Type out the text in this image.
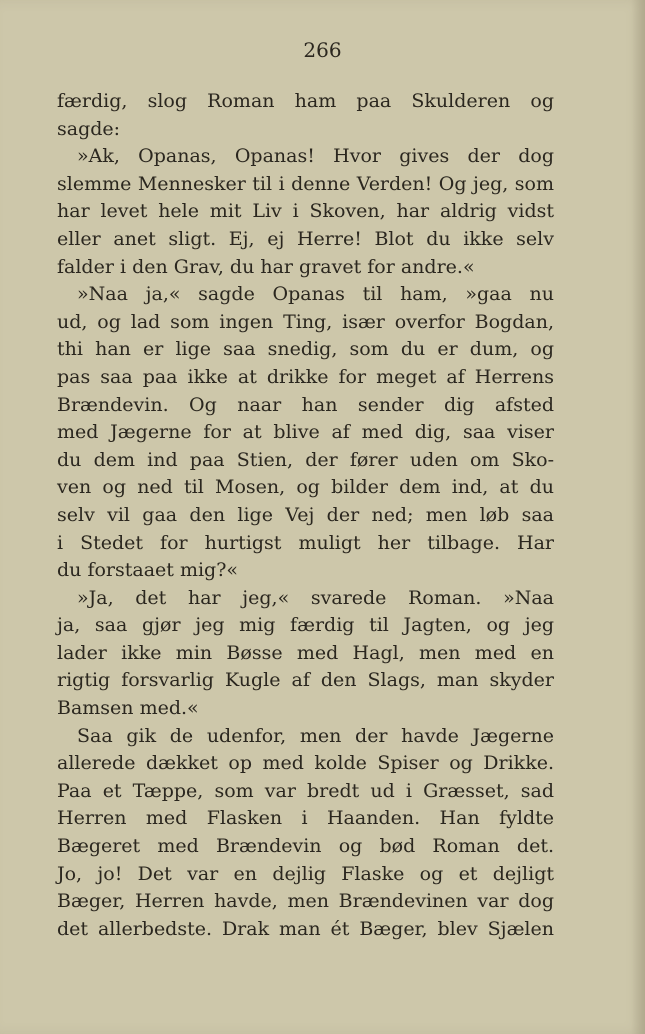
266

færdig, slog Roman ham paa Skulderen og
sagde:
»Ak, Opanas, Opanas! Hvor gives der dog
slemme Mennesker til i denne Verden! Og jeg, som
har levet hele mit Liv i Skoven, har aldrig vidst
eller anet sligt. Ej, ej Herre! Blot du ikke selv
falder i den Grav, du har gravet for andre.«
»Naa ja,« sagde Opanas til ham, »gaa nu
ud, og lad som ingen Ting, især overfor Bogdan,
thi han er lige saa snedig, som du er dum, og
pas saa paa ikke at drikke for meget af Herrens
Brændevin. Og naar han sender dig afsted
med Jægerne for at blive af med dig, saa viser
du dem ind paa Stien, der fører uden om Sko-
ven og ned til Mosen, og bilder dem ind, at du
selv vil gaa den lige Vej der ned; men løb saa
i Stedet for hurtigst muligt her tilbage. Har
du forstaaet mig?«
»Ja, det har jeg,« svarede Roman. »Naa
ja, saa gjør jeg mig færdig til Jagten, og jeg
lader ikke min Bøsse med Hagl, men med en
rigtig forsvarlig Kugle af den Slags, man skyder
Bamsen med.«
Saa gik de udenfor, men der havde Jægerne
allerede dækket op med kolde Spiser og Drikke.
Paa et Tæppe, som var bredt ud i Græsset, sad
Herren med Flasken i Haanden. Han fyldte
Bægeret med Brændevin og bød Roman det.
Jo, jo! Det var en dejlig Flaske og et dejligt
Bæger, Herren havde, men Brændevinen var dog
det allerbedste. Drak man ét Bæger, blev Sjælen
